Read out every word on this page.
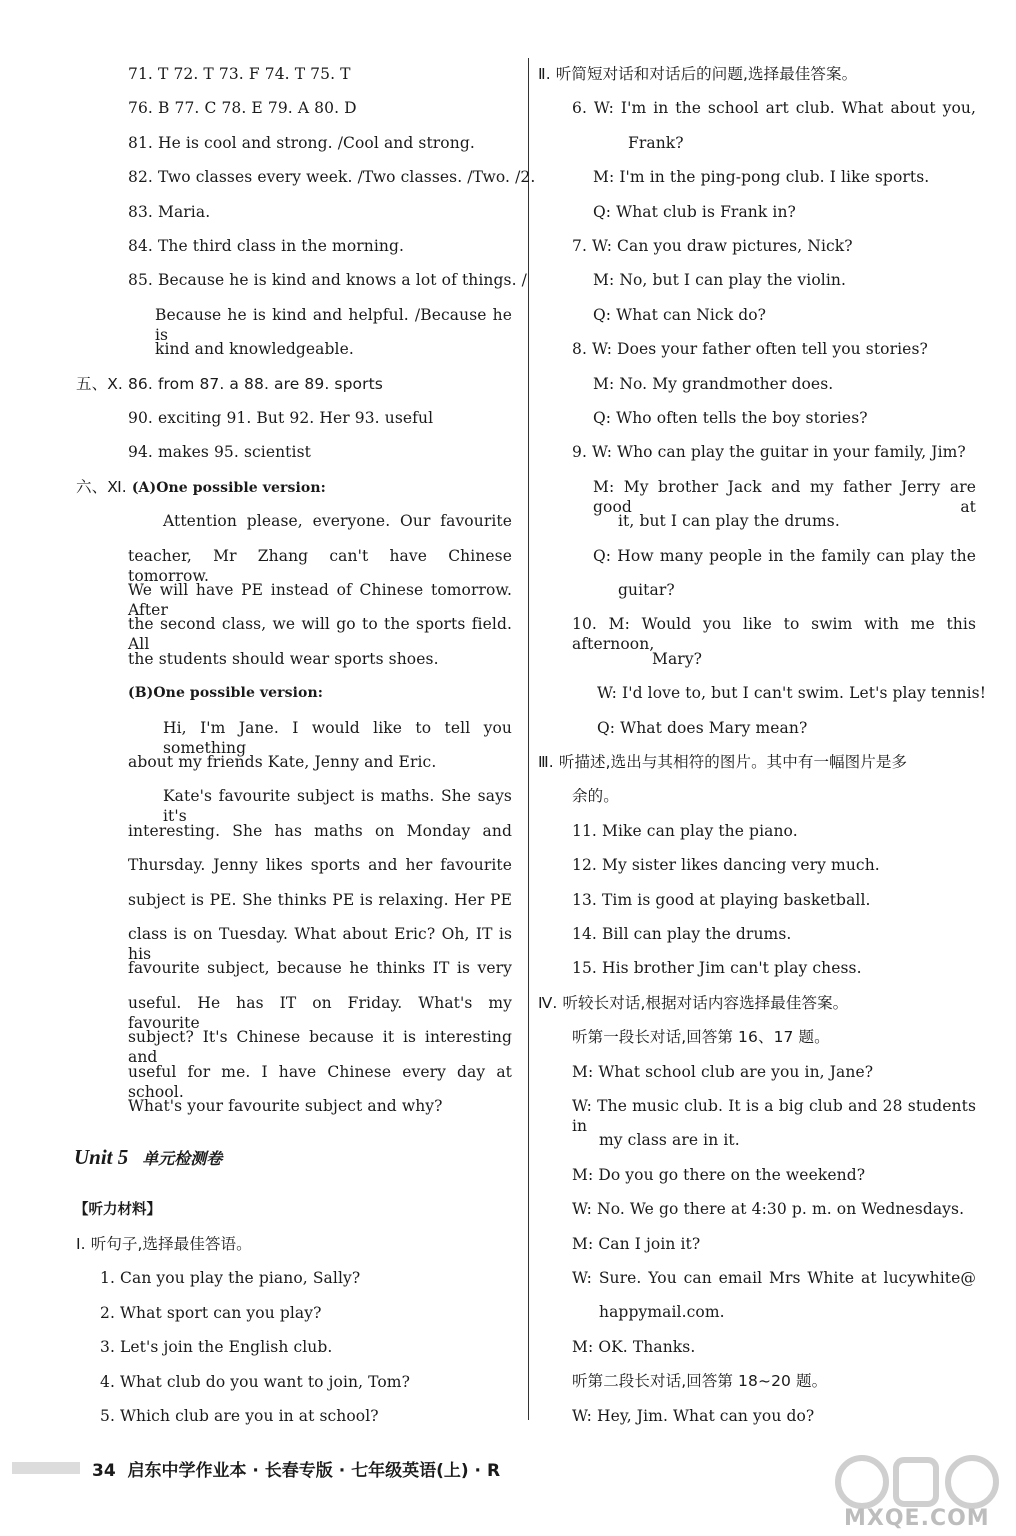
71. T 72. T 73. F 74. T 75. T
76. B 77. C 78. E 79. A 80. D
81. He is cool and strong. /Cool and strong.
82. Two classes every week. /Two classes. /Two. /2.
83. Maria.
84. The third class in the morning.
85. Because he is kind and knows a lot of things. /
Because he is kind and helpful. /Because he is
kind and knowledgeable.
五、Ⅹ. 86. from 87. a 88. are 89. sports
90. exciting 91. But 92. Her 93. useful
94. makes 95. scientist
六、Ⅺ. (A)One possible version:
Attention please, everyone. Our favourite
teacher, Mr Zhang can't have Chinese tomorrow.
We will have PE instead of Chinese tomorrow. After
the second class, we will go to the sports field. All
the students should wear sports shoes.
(B)One possible version:
Hi, I'm Jane. I would like to tell you something
about my friends Kate, Jenny and Eric.
Kate's favourite subject is maths. She says it's
interesting. She has maths on Monday and
Thursday. Jenny likes sports and her favourite
subject is PE. She thinks PE is relaxing. Her PE
class is on Tuesday. What about Eric? Oh, IT is his
favourite subject, because he thinks IT is very
useful. He has IT on Friday. What's my favourite
subject? It's Chinese because it is interesting and
useful for me. I have Chinese every day at school.
What's your favourite subject and why?
Ⅰ. 听句子,选择最佳答语。
1. Can you play the piano, Sally?
2. What sport can you play?
3. Let's join the English club.
4. What club do you want to join, Tom?
5. Which club are you in at school?
Ⅱ. 听简短对话和对话后的问题,选择最佳答案。
6. W: I'm in the school art club. What about you,
Frank?
M: I'm in the ping-pong club. I like sports.
Q: What club is Frank in?
7. W: Can you draw pictures, Nick?
M: No, but I can play the violin.
Q: What can Nick do?
8. W: Does your father often tell you stories?
M: No. My grandmother does.
Q: Who often tells the boy stories?
9. W: Who can play the guitar in your family, Jim?
M: My brother Jack and my father Jerry are good at
it, but I can play the drums.
Q: How many people in the family can play the
guitar?
10. M: Would you like to swim with me this afternoon,
Mary?
W: I'd love to, but I can't swim. Let's play tennis!
Q: What does Mary mean?
Ⅲ. 听描述,选出与其相符的图片。其中有一幅图片是多
余的。
11. Mike can play the piano.
12. My sister likes dancing very much.
13. Tim is good at playing basketball.
14. Bill can play the drums.
15. His brother Jim can't play chess.
Ⅳ. 听较长对话,根据对话内容选择最佳答案。
听第一段长对话,回答第 16、17 题。
M: What school club are you in, Jane?
W: The music club. It is a big club and 28 students in
my class are in it.
M: Do you go there on the weekend?
W: No. We go there at 4:30 p. m. on Wednesdays.
M: Can I join it?
W: Sure. You can email Mrs White at lucywhite@
happymail.com.
M: OK. Thanks.
听第二段长对话,回答第 18~20 题。
W: Hey, Jim. What can you do?
Unit 5 单元检测卷
【听力材料】
34 启东中学作业本 · 长春专版 · 七年级英语(上) · R
MXQE.COM
